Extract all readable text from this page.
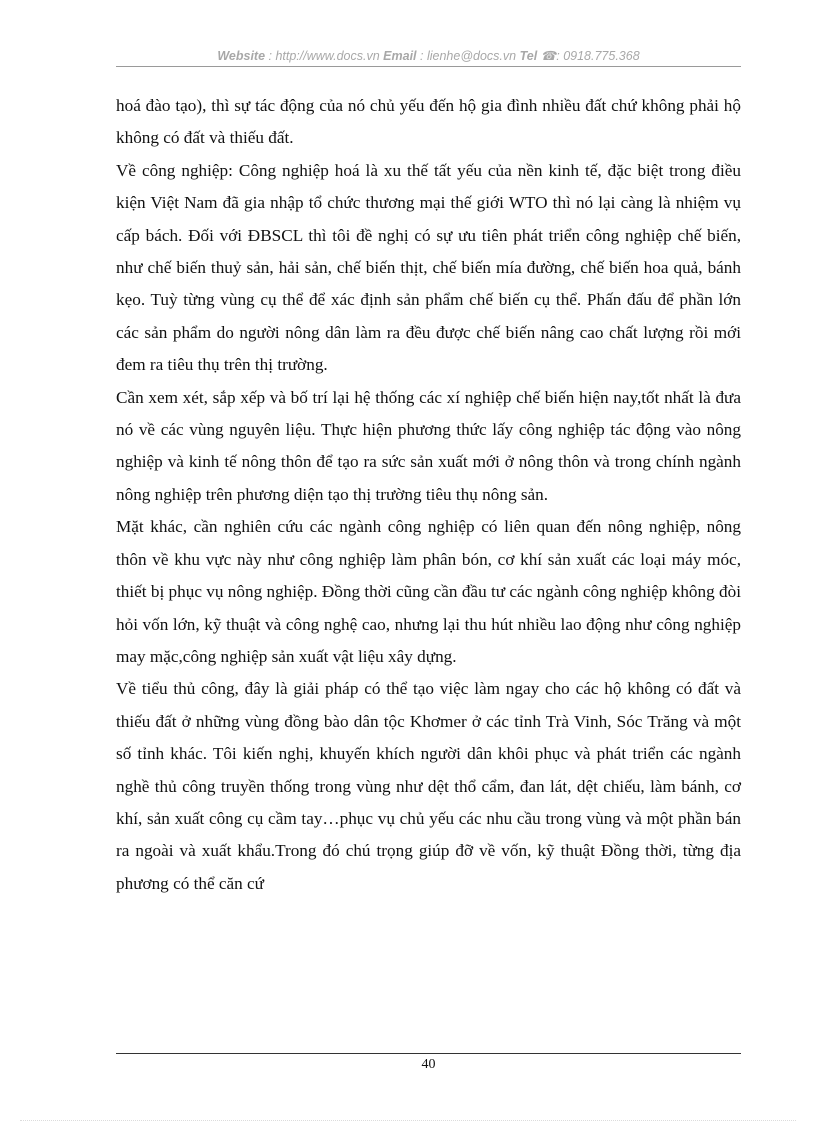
Website : http://www.docs.vn Email : lienhe@docs.vn Tel ☎: 0918.775.368

hoá đào tạo), thì sự tác động của nó chủ yếu đến hộ gia đình nhiều đất chứ không phải hộ không có đất và thiếu đất.

Về công nghiệp: Công nghiệp hoá là xu thế tất yếu của nền kinh tế, đặc biệt trong điều kiện Việt Nam đã gia nhập tổ chức thương mại thế giới WTO thì nó lại càng là nhiệm vụ cấp bách. Đối với ĐBSCL thì tôi đề nghị có sự ưu tiên phát triển công nghiệp chế biến, như chế biến thuỷ sản, hải sản, chế biến thịt, chế biến mía đường, chế biến hoa quả, bánh kẹo. Tuỳ từng vùng cụ thể để xác định sản phẩm chế biến cụ thể. Phấn đấu để phần lớn các sản phẩm do người nông dân làm ra đều được chế biến nâng cao chất lượng rồi mới đem ra tiêu thụ trên thị trường.

Cần xem xét, sắp xếp và bố trí lại hệ thống các xí nghiệp chế biến hiện nay,tốt nhất là đưa nó về các vùng nguyên liệu. Thực hiện phương thức lấy công nghiệp tác động vào nông nghiệp và kinh tế nông thôn để tạo ra sức sản xuất mới ở nông thôn và trong chính ngành nông nghiệp trên phương diện tạo thị trường tiêu thụ nông sản.

Mặt khác, cần nghiên cứu các ngành công nghiệp có liên quan đến nông nghiệp, nông thôn về khu vực này như công nghiệp làm phân bón, cơ khí sản xuất các loại máy móc, thiết bị phục vụ nông nghiệp. Đồng thời cũng cần đầu tư các ngành công nghiệp không đòi hỏi vốn lớn, kỹ thuật và công nghệ cao, nhưng lại thu hút nhiều lao động như công nghiệp may mặc,công nghiệp sản xuất vật liệu xây dựng.

Về tiểu thủ công, đây là giải pháp có thể tạo việc làm ngay cho các hộ không có đất và thiếu đất ở những vùng đồng bào dân tộc Khơmer ở các tỉnh Trà Vinh, Sóc Trăng và một số tỉnh khác. Tôi kiến nghị, khuyến khích người dân khôi phục và phát triển các ngành nghề thủ công truyền thống trong vùng như dệt thổ cẩm, đan lát, dệt chiếu, làm bánh, cơ khí, sản xuất công cụ cầm tay…phục vụ chủ yếu các nhu cầu trong vùng và một phần bán ra ngoài và xuất khẩu.Trong đó chú trọng giúp đỡ về vốn, kỹ thuật Đồng thời, từng địa phương có thể căn cứ

40
